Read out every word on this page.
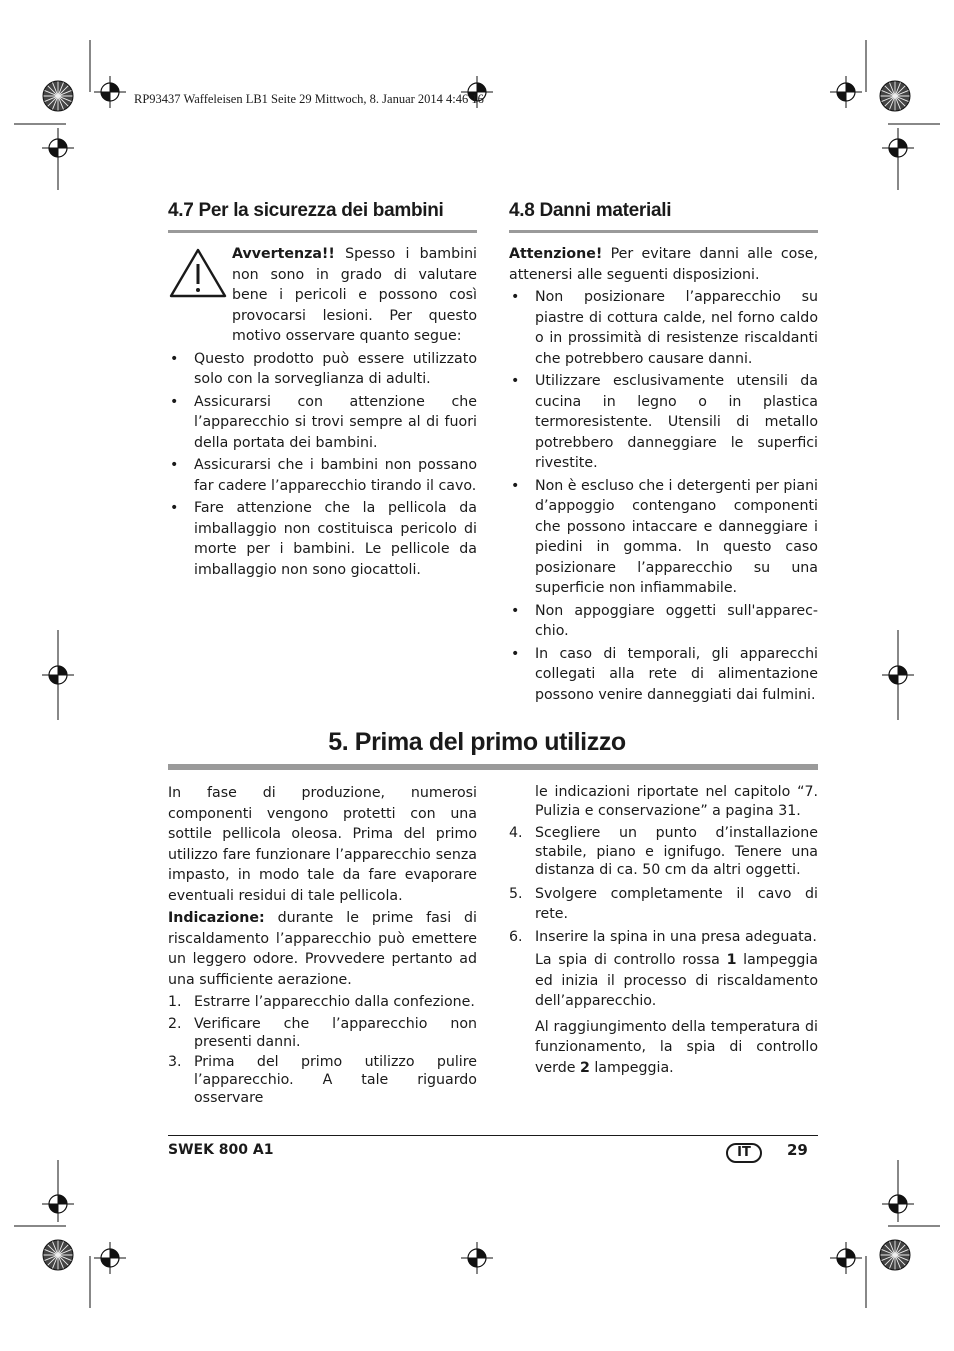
RP93437 Waffeleisen LB1 Seite 29 Mittwoch, 8. Januar 2014 4:46 16
4.7 Per la sicurezza dei bambini

Avvertenza!! Spesso i bambini non sono in grado di valutare bene i pericoli e possono così provocarsi lesioni. Per questo motivo osservare quanto segue:

• Questo prodotto può essere utilizzato solo con la sorveglianza di adulti.
• Assicurarsi con attenzione che l’apparecchio si trovi sempre al di fuori della portata dei bambini.
• Assicurarsi che i bambini non possano far cadere l’apparecchio tirando il cavo.
• Fare attenzione che la pellicola da imballaggio non costituisca pericolo di morte per i bambini. Le pellicole da imballaggio non sono giocattoli.
4.8 Danni materiali

Attenzione! Per evitare danni alle cose, attenersi alle seguenti disposizioni.

• Non posizionare l’apparecchio su piastre di cottura calde, nel forno caldo o in prossimità di resistenze riscaldanti che potrebbero causare danni.
• Utilizzare esclusivamente utensili da cucina in legno o in plastica termoresistente. Utensili di metallo potrebbero danneggiare le superfici rivestite.
• Non è escluso che i detergenti per piani d’appoggio contengano componenti che possono intaccare e danneggiare i piedini in gomma. In questo caso posizionare l’apparecchio su una superficie non infiammabile.
• Non appoggiare oggetti sull'apparec-chio.
• In caso di temporali, gli apparecchi collegati alla rete di alimentazione possono venire danneggiati dai fulmini.
5. Prima del primo utilizzo

In fase di produzione, numerosi componenti vengono protetti con una sottile pellicola oleosa. Prima del primo utilizzo fare funzionare l’apparecchio senza impasto, in modo tale da fare evaporare eventuali residui di tale pellicola.

Indicazione: durante le prime fasi di riscaldamento l’apparecchio può emettere un leggero odore. Provvedere pertanto ad una sufficiente aerazione.

1. Estrarre l’apparecchio dalla confezione.
2. Verificare che l’apparecchio non presenti danni.
3. Prima del primo utilizzo pulire l’apparecchio. A tale riguardo osservare

le indicazioni riportate nel capitolo “7. Pulizia e conservazione” a pagina 31.

4. Scegliere un punto d’installazione stabile, piano e ignifugo. Tenere una distanza di ca. 50 cm da altri oggetti.
5. Svolgere completamente il cavo di rete.
6. Inserire la spina in una presa adeguata.

La spia di controllo rossa 1 lampeggia ed inizia il processo di riscaldamento dell’apparecchio.

Al raggiungimento della temperatura di funzionamento, la spia di controllo verde 2 lampeggia.

SWEK 800 A1	IT	29
